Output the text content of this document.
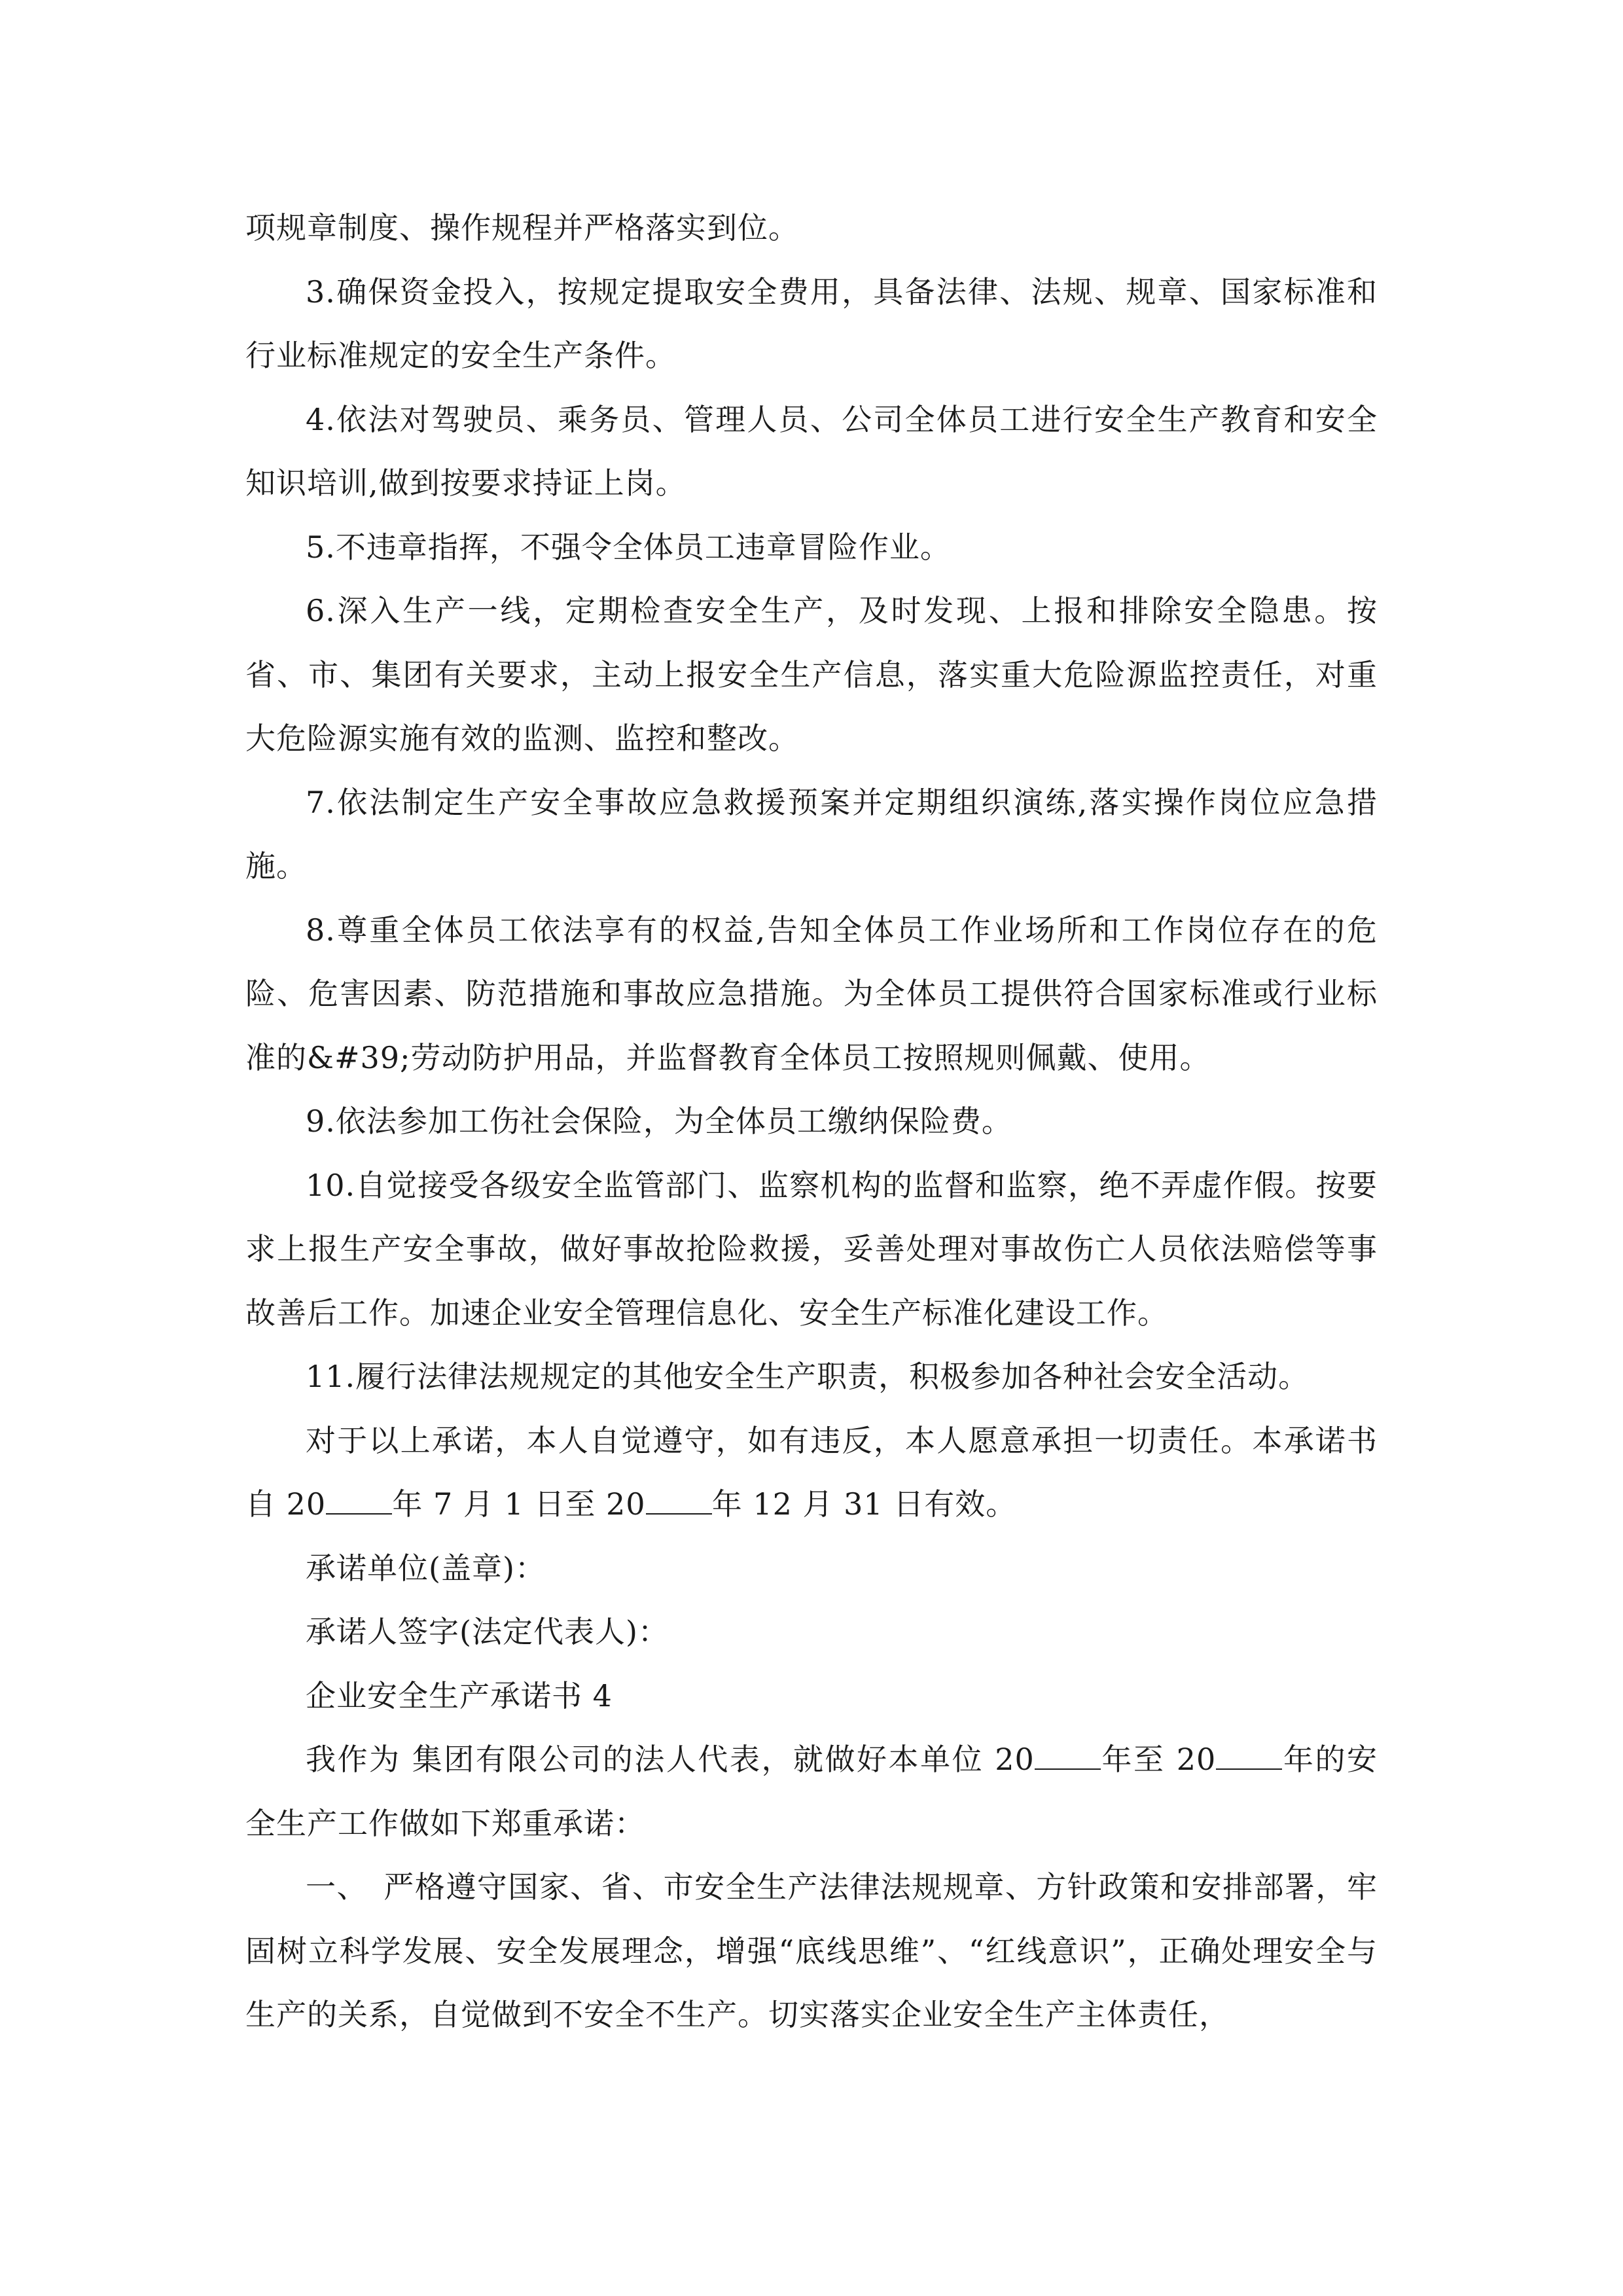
项规章制度、操作规程并严格落实到位。

3.确保资金投入，按规定提取安全费用，具备法律、法规、规章、国家标准和行业标准规定的安全生产条件。

4.依法对驾驶员、乘务员、管理人员、公司全体员工进行安全生产教育和安全知识培训,做到按要求持证上岗。

5.不违章指挥，不强令全体员工违章冒险作业。

6.深入生产一线，定期检查安全生产，及时发现、上报和排除安全隐患。按省、市、集团有关要求，主动上报安全生产信息，落实重大危险源监控责任，对重大危险源实施有效的监测、监控和整改。

7.依法制定生产安全事故应急救援预案并定期组织演练,落实操作岗位应急措施。

8.尊重全体员工依法享有的权益,告知全体员工作业场所和工作岗位存在的危险、危害因素、防范措施和事故应急措施。为全体员工提供符合国家标准或行业标准的&#39;劳动防护用品，并监督教育全体员工按照规则佩戴、使用。

9.依法参加工伤社会保险，为全体员工缴纳保险费。

10.自觉接受各级安全监管部门、监察机构的监督和监察，绝不弄虚作假。按要求上报生产安全事故，做好事故抢险救援，妥善处理对事故伤亡人员依法赔偿等事故善后工作。加速企业安全管理信息化、安全生产标准化建设工作。

11.履行法律法规规定的其他安全生产职责，积极参加各种社会安全活动。

对于以上承诺，本人自觉遵守，如有违反，本人愿意承担一切责任。本承诺书自 20 年 7 月 1 日至 20 年 12 月 31 日有效。

承诺单位(盖章)：

承诺人签字(法定代表人)：

企业安全生产承诺书 4

我作为 集团有限公司的法人代表，就做好本单位 20 年至 20 年的安全生产工作做如下郑重承诺：

一、　严格遵守国家、省、市安全生产法律法规规章、方针政策和安排部署，牢固树立科学发展、安全发展理念，增强“底线思维”、“红线意识”，正确处理安全与生产的关系，自觉做到不安全不生产。切实落实企业安全生产主体责任，
